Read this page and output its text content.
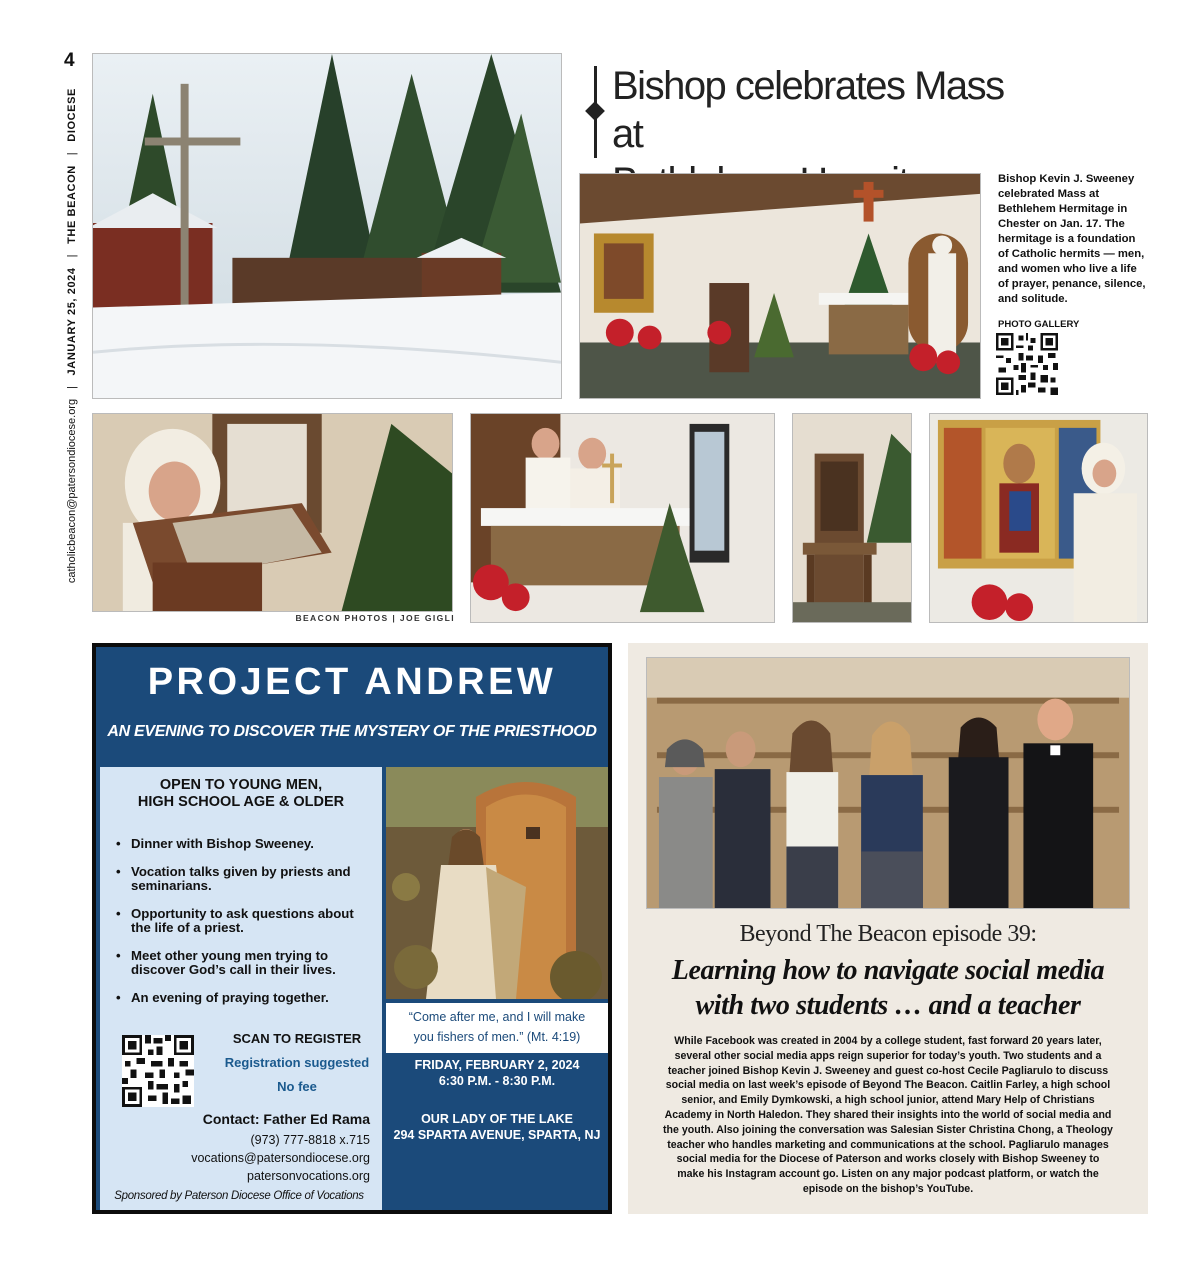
4
catholicbeacon@patersondiocese.org
|
JANUARY 25, 2024
|
THE BEACON
|
DIOCESE
Bishop celebrates Mass at
Bishop Kevin J. Sweeney celebrated Mass at Bethlehem Hermitage in Chester on Jan. 17. The hermitage is a foundation of Catholic hermits — men, and women who live a life of prayer, penance, silence, and solitude.
PHOTO GALLERY
BEACON PHOTOS | JOE GIGLI
PROJECT ANDREW
AN EVENING TO DISCOVER THE MYSTERY OF THE PRIESTHOOD
OPEN TO YOUNG MEN,
HIGH SCHOOL AGE & OLDER
• Dinner with Bishop Sweeney.
• Vocation talks given by priests and seminarians.
• Opportunity to ask questions about the life of a priest.
• Meet other young men trying to discover God’s call in their lives.
• An evening of praying together.
SCAN TO REGISTER
Registration suggested
No fee
Contact: Father Ed Rama
(973) 777-8818 x.715
vocations@patersondiocese.org
patersonvocations.org
Sponsored by Paterson Diocese Office of Vocations
“Come after me, and I will make
you fishers of men.” (Mt. 4:19)
FRIDAY, FEBRUARY 2, 2024
6:30 P.M. - 8:30 P.M.
OUR LADY OF THE LAKE
294 SPARTA AVENUE, SPARTA, NJ
Beyond The Beacon episode 39:
Learning how to navigate social media
with two students … and a teacher
While Facebook was created in 2004 by a college student, fast forward 20 years later, several other social media apps reign superior for today’s youth. Two students and a teacher joined Bishop Kevin J. Sweeney and guest co-host Cecile Pagliarulo to discuss social media on last week’s episode of Beyond The Beacon. Caitlin Farley, a high school senior, and Emily Dymkowski, a high school junior, attend Mary Help of Christians Academy in North Haledon. They shared their insights into the world of social media and the youth. Also joining the conversation was Salesian Sister Christina Chong, a Theology teacher who handles marketing and communications at the school. Pagliarulo manages social media for the Diocese of Paterson and works closely with Bishop Sweeney to make his Instagram account go. Listen on any major podcast platform, or watch the episode on the bishop’s YouTube.
